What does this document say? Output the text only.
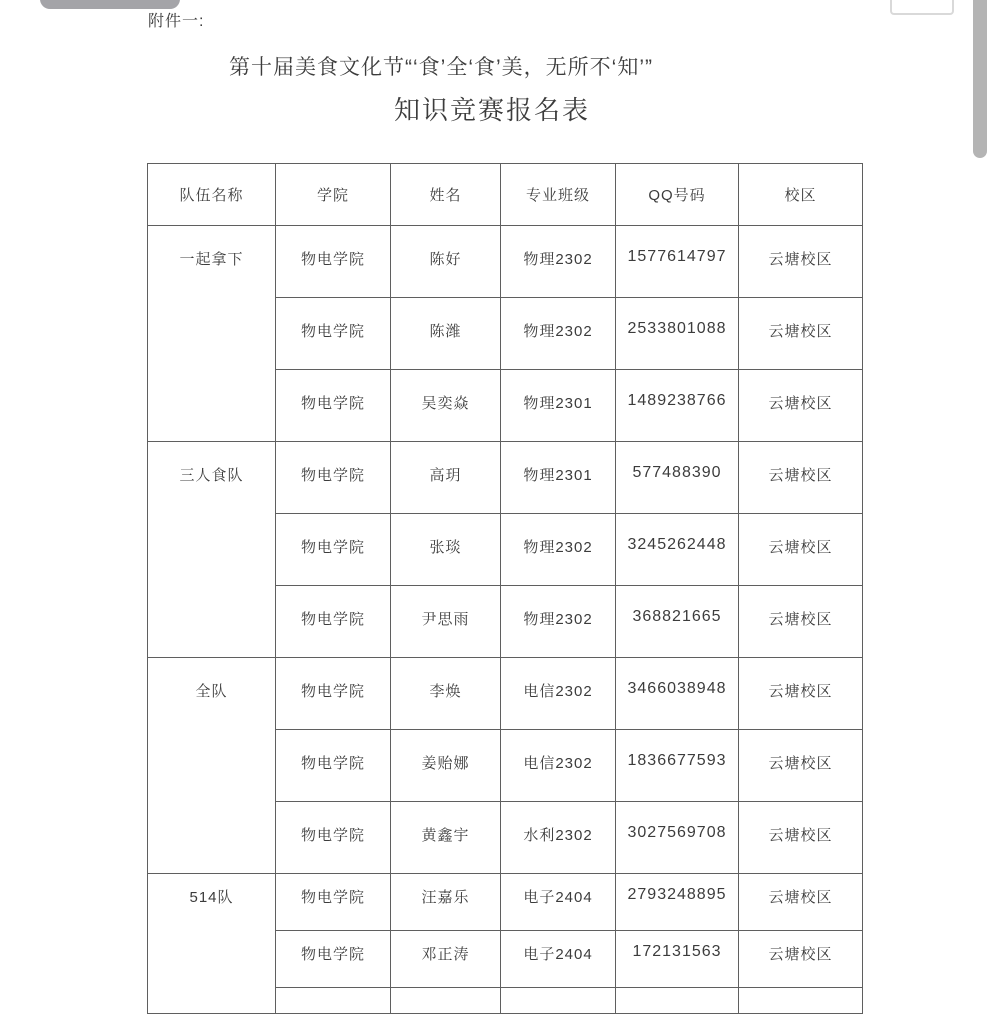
附件一:
第十届美食文化节“‘食’全‘食’美，无所不‘知’”
知识竞赛报名表
队伍名称	学院	姓名	专业班级	QQ号码	校区
一起拿下	物电学院	陈好	物理2302	1577614797	云塘校区
	物电学院	陈潍	物理2302	2533801088	云塘校区
	物电学院	吴奕焱	物理2301	1489238766	云塘校区
三人食队	物电学院	高玥	物理2301	577488390	云塘校区
	物电学院	张琰	物理2302	3245262448	云塘校区
	物电学院	尹思雨	物理2302	368821665	云塘校区
全队	物电学院	李焕	电信2302	3466038948	云塘校区
	物电学院	姜贻娜	电信2302	1836677593	云塘校区
	物电学院	黄鑫宇	水利2302	3027569708	云塘校区
514队	物电学院	汪嘉乐	电子2404	2793248895	云塘校区
	物电学院	邓正涛	电子2404	172131563	云塘校区
